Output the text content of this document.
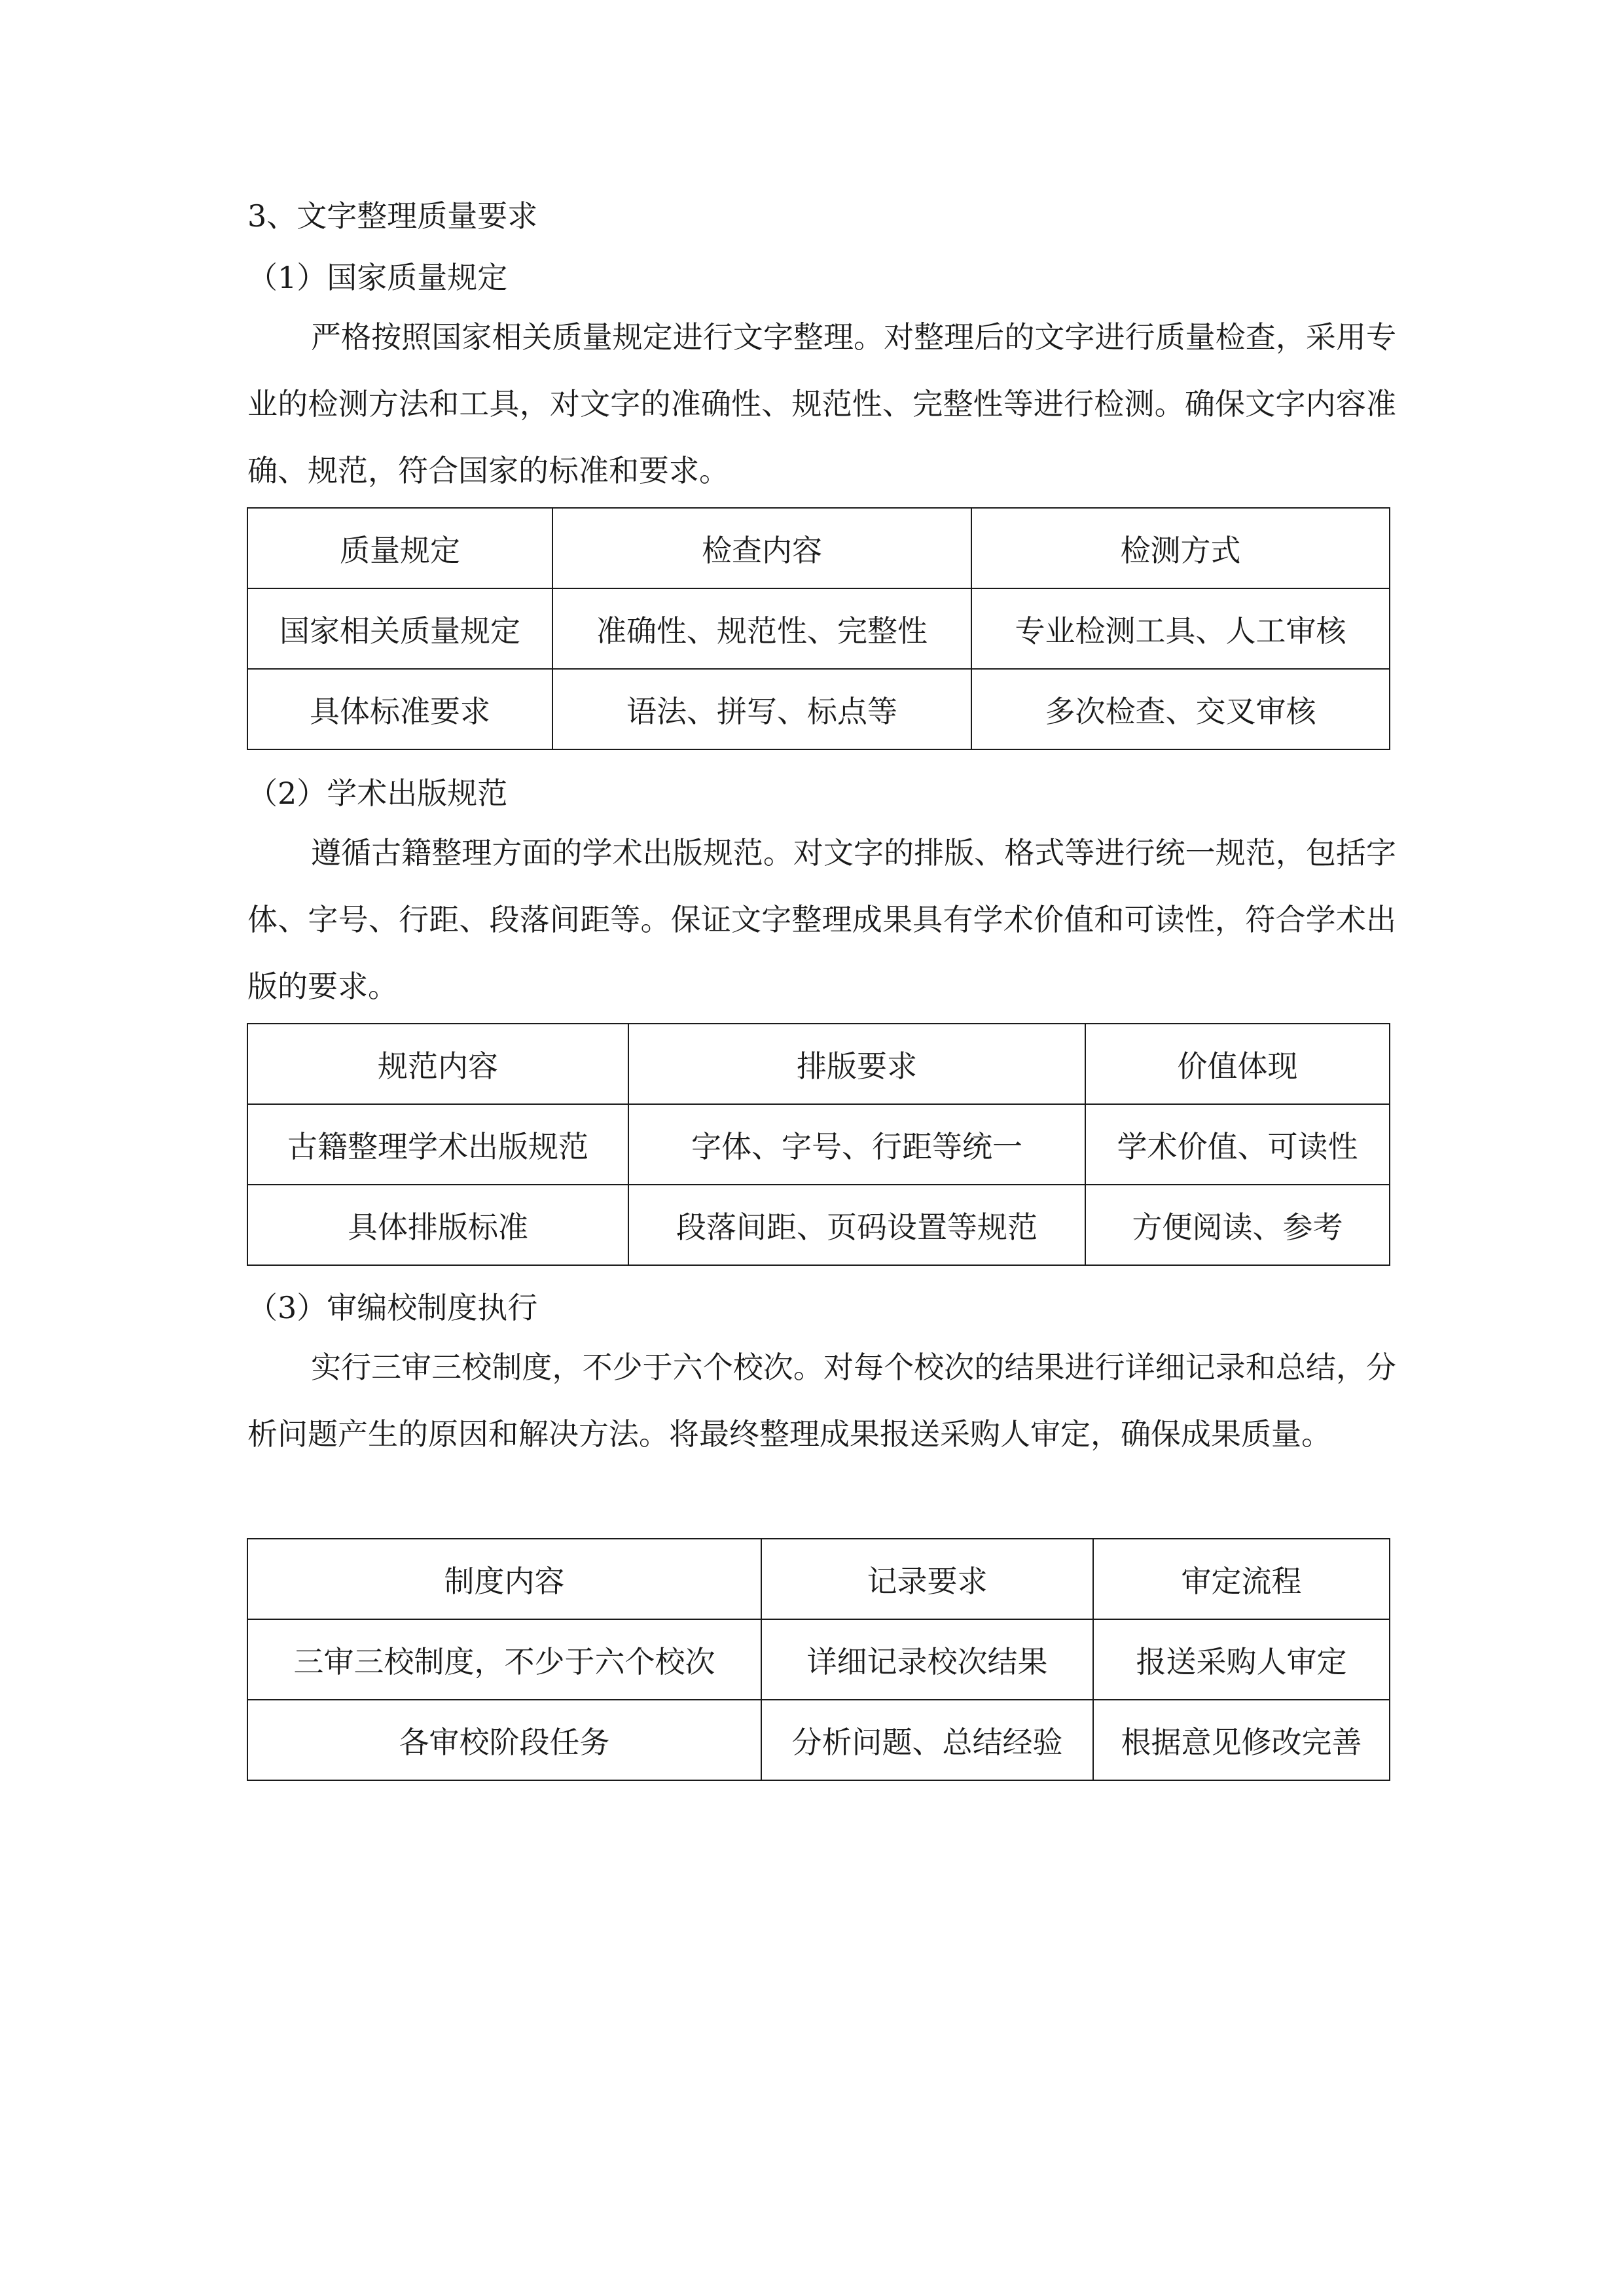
3、文字整理质量要求

（1）国家质量规定

严格按照国家相关质量规定进行文字整理。对整理后的文字进行质量检查，采用专业的检测方法和工具，对文字的准确性、规范性、完整性等进行检测。确保文字内容准确、规范，符合国家的标准和要求。

质量规定	检查内容	检测方式
国家相关质量规定	准确性、规范性、完整性	专业检测工具、人工审核
具体标准要求	语法、拼写、标点等	多次检查、交叉审核

（2）学术出版规范

遵循古籍整理方面的学术出版规范。对文字的排版、格式等进行统一规范，包括字体、字号、行距、段落间距等。保证文字整理成果具有学术价值和可读性，符合学术出版的要求。

规范内容	排版要求	价值体现
古籍整理学术出版规范	字体、字号、行距等统一	学术价值、可读性
具体排版标准	段落间距、页码设置等规范	方便阅读、参考

（3）审编校制度执行

实行三审三校制度，不少于六个校次。对每个校次的结果进行详细记录和总结，分析问题产生的原因和解决方法。将最终整理成果报送采购人审定，确保成果质量。

制度内容	记录要求	审定流程
三审三校制度，不少于六个校次	详细记录校次结果	报送采购人审定
各审校阶段任务	分析问题、总结经验	根据意见修改完善
